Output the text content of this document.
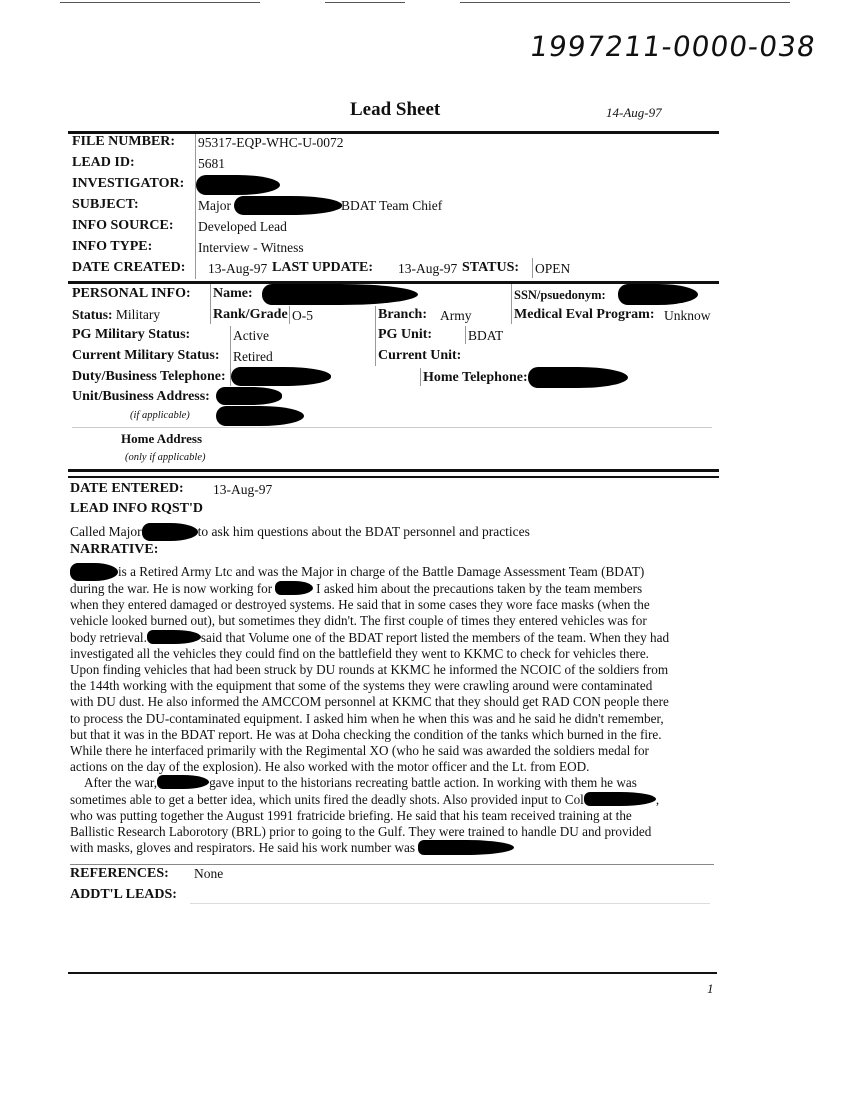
1997211-0000-038
Lead Sheet	14-Aug-97
FILE NUMBER: 95317-EQP-WHC-U-0072
LEAD ID:	5681
INVESTIGATOR:
SUBJECT:	Major	BDAT Team Chief
INFO SOURCE: Developed Lead
INFO TYPE:	Interview - Witness
DATE CREATED: 13-Aug-97 LAST UPDATE: 13-Aug-97 STATUS: OPEN
PERSONAL INFO: Name:	SSN/psuedonym:
Status: Military	Rank/Grade O-5	Branch: Army	Medical Eval Program: Unknow
PG Military Status:	Active	PG Unit:	BDAT
Current Military Status: Retired	Current Unit:
Duty/Business Telephone:	Home Telephone:
Unit/Business Address:
(if applicable)
Home Address
(only if applicable)
DATE ENTERED: 13-Aug-97
LEAD INFO RQST'D
Called Major	to ask him questions about the BDAT personnel and practices
NARRATIVE:

is a Retired Army Ltc and was the Major in charge of the Battle Damage Assessment Team (BDAT)

during the war. He is now working for	I asked him about the precautions taken by the team members

when they entered damaged or destroyed systems. He said that in some cases they wore face masks (when the

vehicle looked burned out), but sometimes they didn't. The first couple of times they entered vehicles was for

body retrieval.	said that Volume one of the BDAT report listed the members of the team. When they had

investigated all the vehicles they could find on the battlefield they went to KKMC to check for vehicles there.

Upon finding vehicles that had been struck by DU rounds at KKMC he informed the NCOIC of the soldiers from

the 144th working with the equipment that some of the systems they were crawling around were contaminated

with DU dust. He also informed the AMCCOM personnel at KKMC that they should get RAD CON people there

to process the DU-contaminated equipment. I asked him when he when this was and he said he didn't remember,

but that it was in the BDAT report. He was at Doha checking the condition of the tanks which burned in the fire.

While there he interfaced primarily with the Regimental XO (who he said was awarded the soldiers medal for

actions on the day of the explosion). He also worked with the motor officer and the Lt. from EOD.

After the war,	gave input to the historians recreating battle action. In working with them he was

sometimes able to get a better idea, which units fired the deadly shots. Also provided input to Col	,

who was putting together the August 1991 fratricide briefing. He said that his team received training at the

Ballistic Research Laborotory (BRL) prior to going to the Gulf. They were trained to handle DU and provided

with masks, gloves and respirators. He said his work number was

REFERENCES: None
ADDT'L LEADS:
1
